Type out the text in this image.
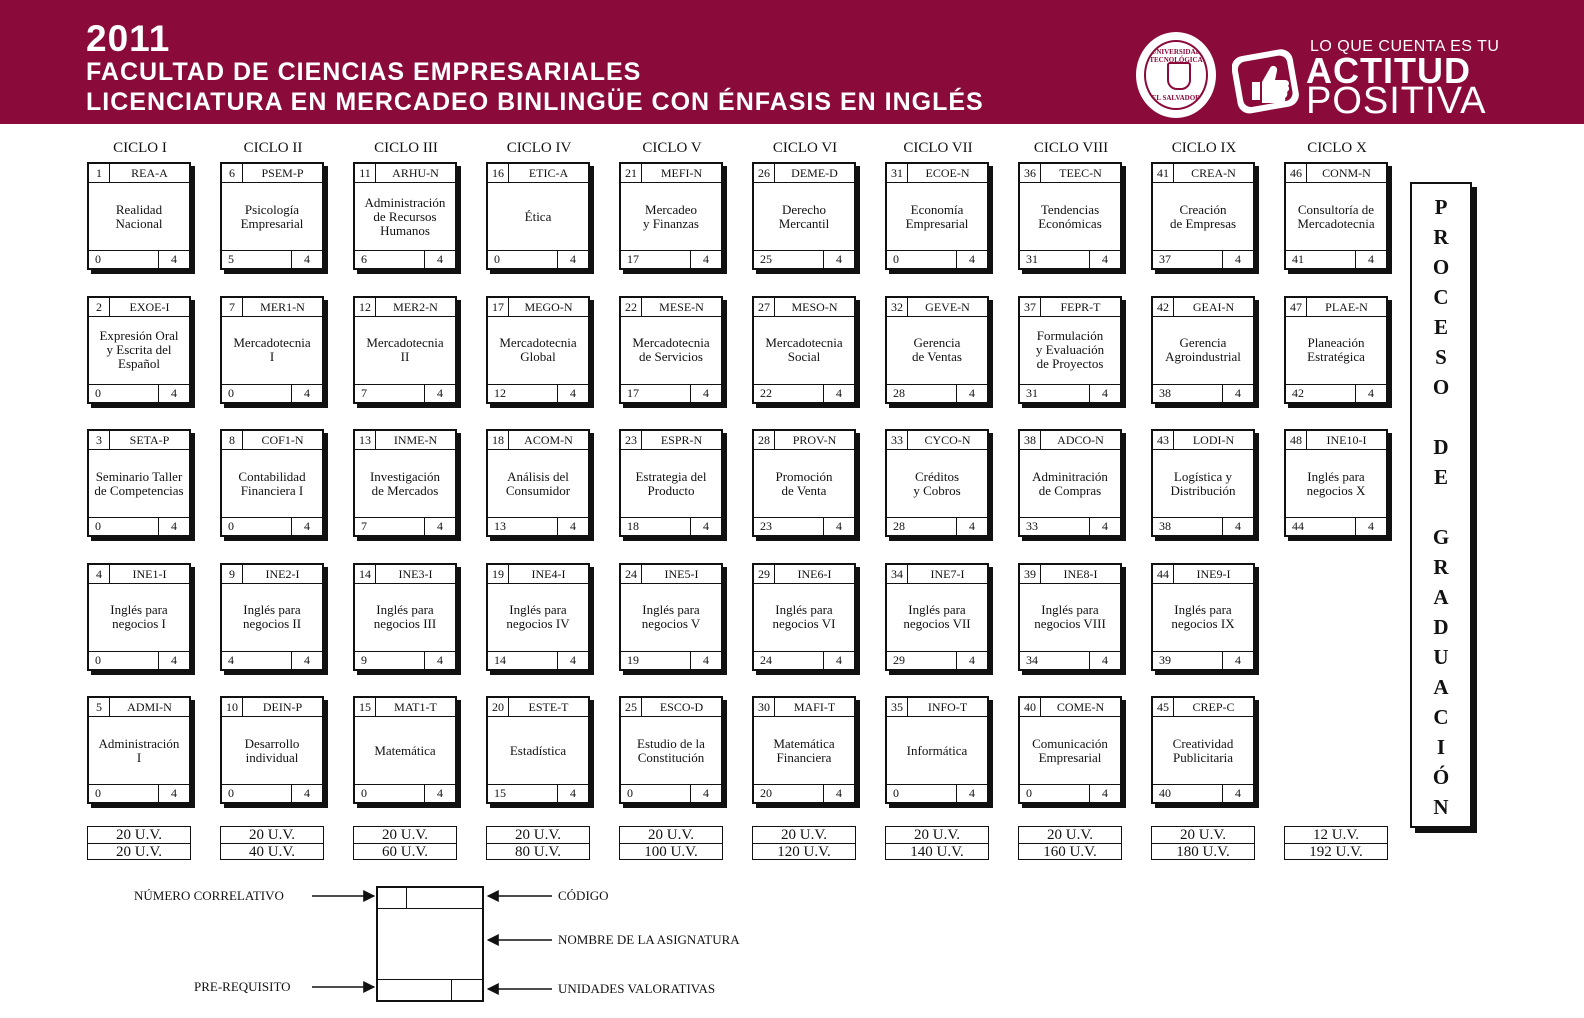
2011
FACULTAD DE CIENCIAS EMPRESARIALES
LICENCIATURA EN MERCADEO BINLINGÜE CON ÉNFASIS EN INGLÉS
UNIVERSIDAD TECNOLÓGICA
EL SALVADOR
LO QUE CUENTA ES TU
ACTITUD
POSITIVA
CICLO I
1	REA-A
Realidad
Nacional
0	4
2	EXOE-I
Expresión Oral
y Escrita del
Español
0	4
3	SETA-P
Seminario Taller
de Competencias
0	4
4	INE1-I
Inglés para
negocios I
0	4
5	ADMI-N
Administración
I
0	4
20 U.V.
20 U.V.
CICLO II
6	PSEM-P
Psicología
Empresarial
5	4
7	MER1-N
Mercadotecnia
I
0	4
8	COF1-N
Contabilidad
Financiera I
0	4
9	INE2-I
Inglés para
negocios II
4	4
10	DEIN-P
Desarrollo
individual
0	4
20 U.V.
40 U.V.
CICLO III
11	ARHU-N
Administración
de Recursos
Humanos
6	4
12	MER2-N
Mercadotecnia
II
7	4
13	INME-N
Investigación
de Mercados
7	4
14	INE3-I
Inglés para
negocios III
9	4
15	MAT1-T
Matemática
0	4
20 U.V.
60 U.V.
CICLO IV
16	ETIC-A
Ética
0	4
17	MEGO-N
Mercadotecnia
Global
12	4
18	ACOM-N
Análisis del
Consumidor
13	4
19	INE4-I
Inglés para
negocios IV
14	4
20	ESTE-T
Estadística
15	4
20 U.V.
80 U.V.
CICLO V
21	MEFI-N
Mercadeo
y Finanzas
17	4
22	MESE-N
Mercadotecnia
de Servicios
17	4
23	ESPR-N
Estrategia del
Producto
18	4
24	INE5-I
Inglés para
negocios V
19	4
25	ESCO-D
Estudio de la
Constitución
0	4
20 U.V.
100 U.V.
CICLO VI
26	DEME-D
Derecho
Mercantil
25	4
27	MESO-N
Mercadotecnia
Social
22	4
28	PROV-N
Promoción
de Venta
23	4
29	INE6-I
Inglés para
negocios VI
24	4
30	MAFI-T
Matemática
Financiera
20	4
20 U.V.
120 U.V.
CICLO VII
31	ECOE-N
Economía
Empresarial
0	4
32	GEVE-N
Gerencia
de Ventas
28	4
33	CYCO-N
Créditos
y Cobros
28	4
34	INE7-I
Inglés para
negocios VII
29	4
35	INFO-T
Informática
0	4
20 U.V.
140 U.V.
CICLO VIII
36	TEEC-N
Tendencias
Económicas
31	4
37	FEPR-T
Formulación
y Evaluación
de Proyectos
31	4
38	ADCO-N
Adminitración
de Compras
33	4
39	INE8-I
Inglés para
negocios VIII
34	4
40	COME-N
Comunicación
Empresarial
0	4
20 U.V.
160 U.V.
CICLO IX
41	CREA-N
Creación
de Empresas
37	4
42	GEAI-N
Gerencia
Agroindustrial
38	4
43	LODI-N
Logística y
Distribución
38	4
44	INE9-I
Inglés para
negocios IX
39	4
45	CREP-C
Creatividad
Publicitaria
40	4
20 U.V.
180 U.V.
CICLO X
46	CONM-N
Consultoría de
Mercadotecnia
41	4
47	PLAE-N
Planeación
Estratégica
42	4
48	INE10-I
Inglés para
negocios X
44	4
12 U.V.
192 U.V.
P
R
O
C
E
S
O
D
E
G
R
A
D
U
A
C
I
Ó
N
NÚMERO CORRELATIVO
PRE-REQUISITO
CÓDIGO
NOMBRE DE LA ASIGNATURA
UNIDADES VALORATIVAS
